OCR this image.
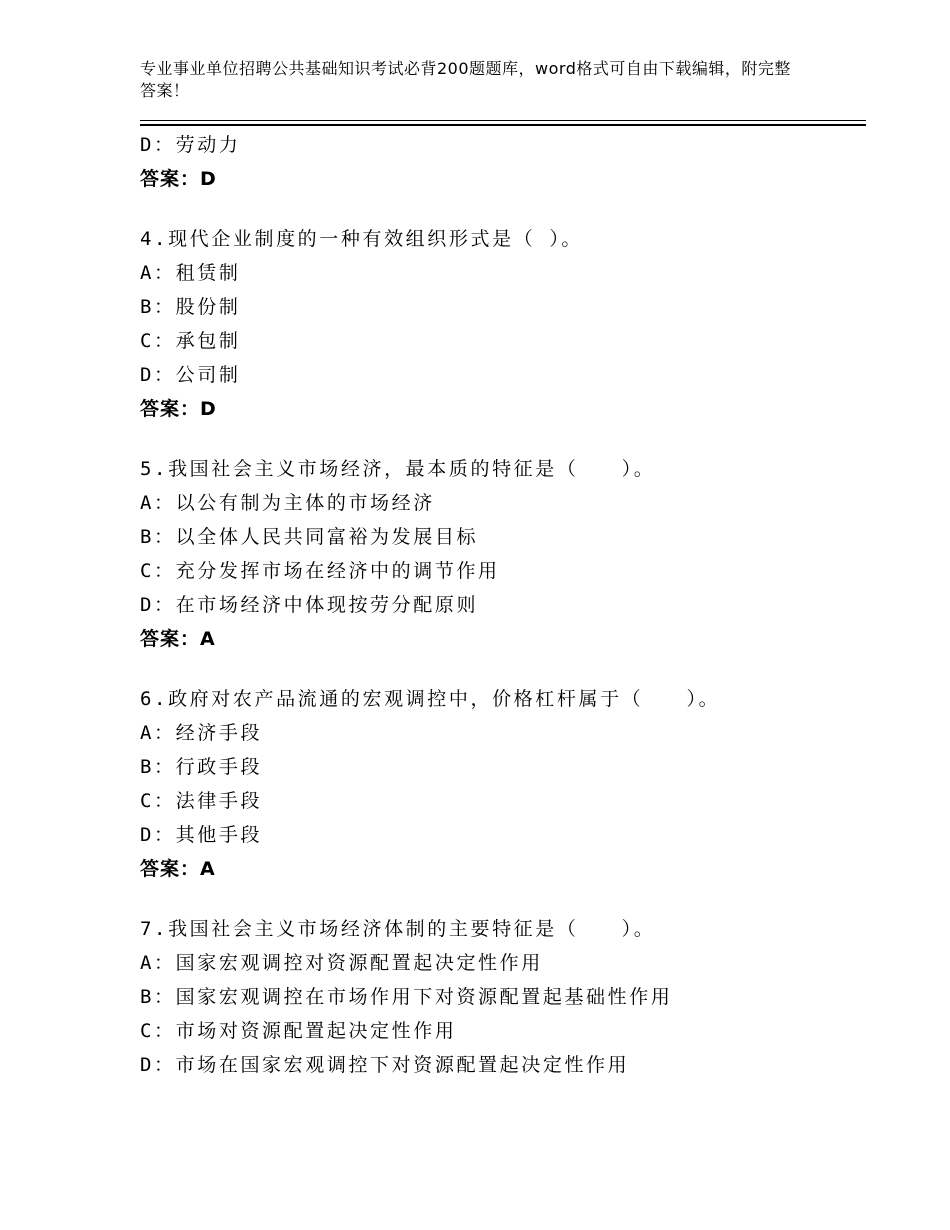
专业事业单位招聘公共基础知识考试必背200题题库，word格式可自由下载编辑，附完整答案！
D：劳动力
答案：D
4.现代企业制度的一种有效组织形式是（ ）。
A：租赁制
B：股份制
C：承包制
D：公司制
答案：D
5.我国社会主义市场经济，最本质的特征是（　　）。
A：以公有制为主体的市场经济
B：以全体人民共同富裕为发展目标
C：充分发挥市场在经济中的调节作用
D：在市场经济中体现按劳分配原则
答案：A
6.政府对农产品流通的宏观调控中，价格杠杆属于（　　）。
A：经济手段
B：行政手段
C：法律手段
D：其他手段
答案：A
7.我国社会主义市场经济体制的主要特征是（　　）。
A：国家宏观调控对资源配置起决定性作用
B：国家宏观调控在市场作用下对资源配置起基础性作用
C：市场对资源配置起决定性作用
D：市场在国家宏观调控下对资源配置起决定性作用
